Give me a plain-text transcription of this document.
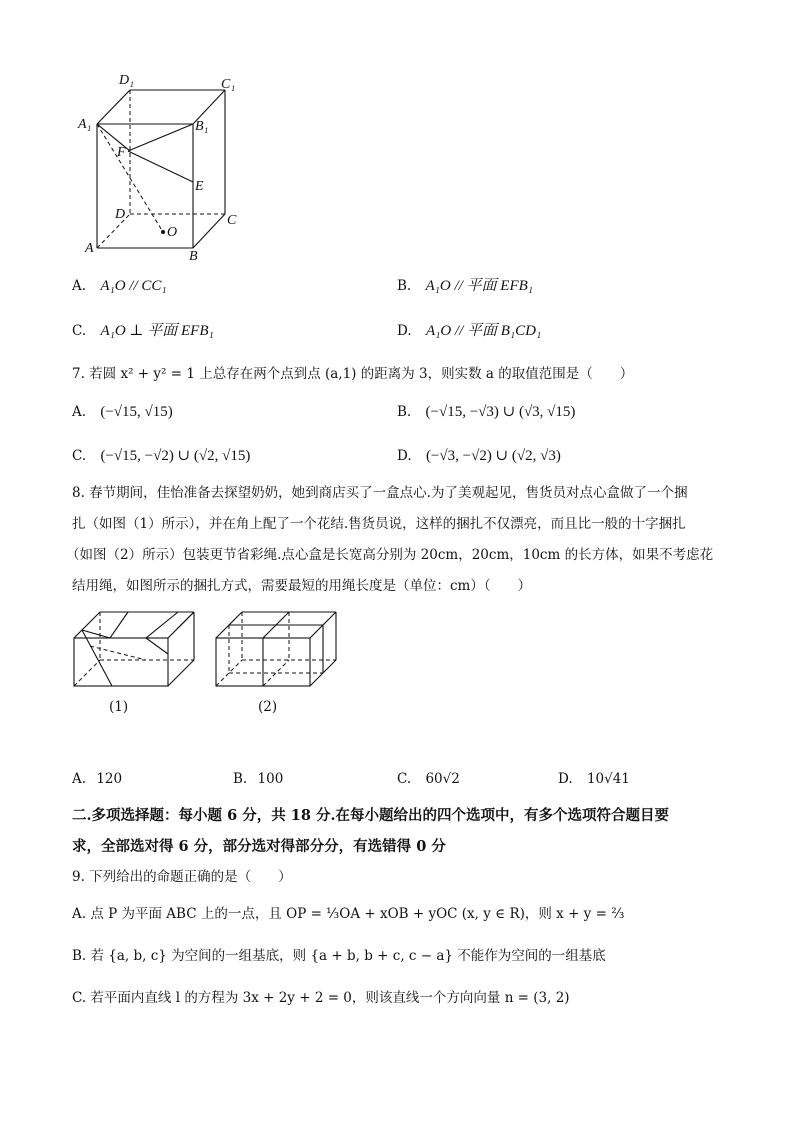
D₁	C₁
A₁	B₁
F
E
D	C
A
B
O
A. A₁O // CC₁	B. A₁O // 平面 EFB₁
C. A₁O ⊥ 平面 EFB₁	D. A₁O // 平面 B₁CD₁
7. 若圆 x² + y² = 1 上总存在两个点到点 (a,1) 的距离为 3，则实数 a 的取值范围是（　　）
A. (−√15, √15)	B. (−√15, −√3) ∪ (√3, √15)
C. (−√15, −√2) ∪ (√2, √15)	D. (−√3, −√2) ∪ (√2, √3)
8. 春节期间，佳怡准备去探望奶奶，她到商店买了一盒点心.为了美观起见，售货员对点心盒做了一个捆
扎（如图（1）所示），并在角上配了一个花结.售货员说，这样的捆扎不仅漂亮，而且比一般的十字捆扎
（如图（2）所示）包装更节省彩绳.点心盒是长宽高分别为 20cm，20cm，10cm 的长方体，如果不考虑花
结用绳，如图所示的捆扎方式，需要最短的用绳长度是（单位：cm）（　　）
(1)	(2)
A. 120	B. 100	C. 60√2	D. 10√41
二.多项选择题：每小题 6 分，共 18 分.在每小题给出的四个选项中，有多个选项符合题目要
求，全部选对得 6 分，部分选对得部分分，有选错得 0 分
9. 下列给出的命题正确的是（　　）
A. 点 P 为平面 ABC 上的一点，且 OP = ⅓OA + xOB + yOC (x, y ∈ R)，则 x + y = ⅔
B. 若 {a, b, c} 为空间的一组基底，则 {a + b, b + c, c − a} 不能作为空间的一组基底
C. 若平面内直线 l 的方程为 3x + 2y + 2 = 0，则该直线一个方向向量 n = (3, 2)
